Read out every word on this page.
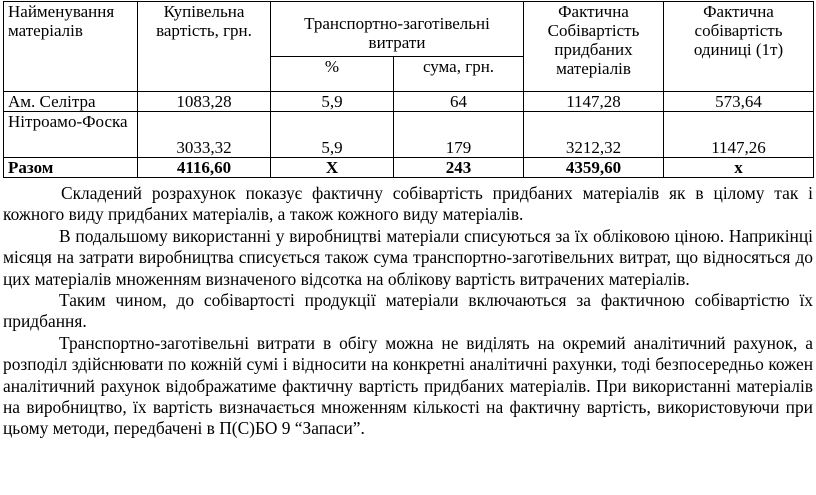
Найменування матеріалів	Купівельна вартість, грн.	Транспортно-заготівельні витрати		Фактична Собівартість придбаних матеріалів	Фактична собівартість одиниці (1т)
		%	сума, грн.		
Ам. Селітра	1083,28	5,9	64	1147,28	573,64
Нітроамо-Фоска	3033,32	5,9	179	3212,32	1147,26
Разом	4116,60	Х	243	4359,60	х

Складений розрахунок показує фактичну собівартість придбаних матеріалів як в цілому так і кожного виду придбаних матеріалів, а також кожного виду матеріалів.

В подальшому використанні у виробництві матеріали списуються за їх обліковою ціною. Наприкінці місяця на затрати виробництва списується також сума транспортно-заготівельних витрат, що відносяться до цих матеріалів множенням визначеного відсотка на облікову вартість витрачених матеріалів.

Таким чином, до собівартості продукції матеріали включаються за фактичною собівартістю їх придбання.

Транспортно-заготівельні витрати в обігу можна не виділять на окремий аналітичний рахунок, а розподіл здійснювати по кожній сумі і відносити на конкретні аналітичні рахунки, тоді безпосередньо кожен аналітичний рахунок відображатиме фактичну вартість придбаних матеріалів. При використанні матеріалів на виробництво, їх вартість визначається множенням кількості на фактичну вартість, використовуючи при цьому методи, передбачені в П(С)БО 9 “Запаси”.
